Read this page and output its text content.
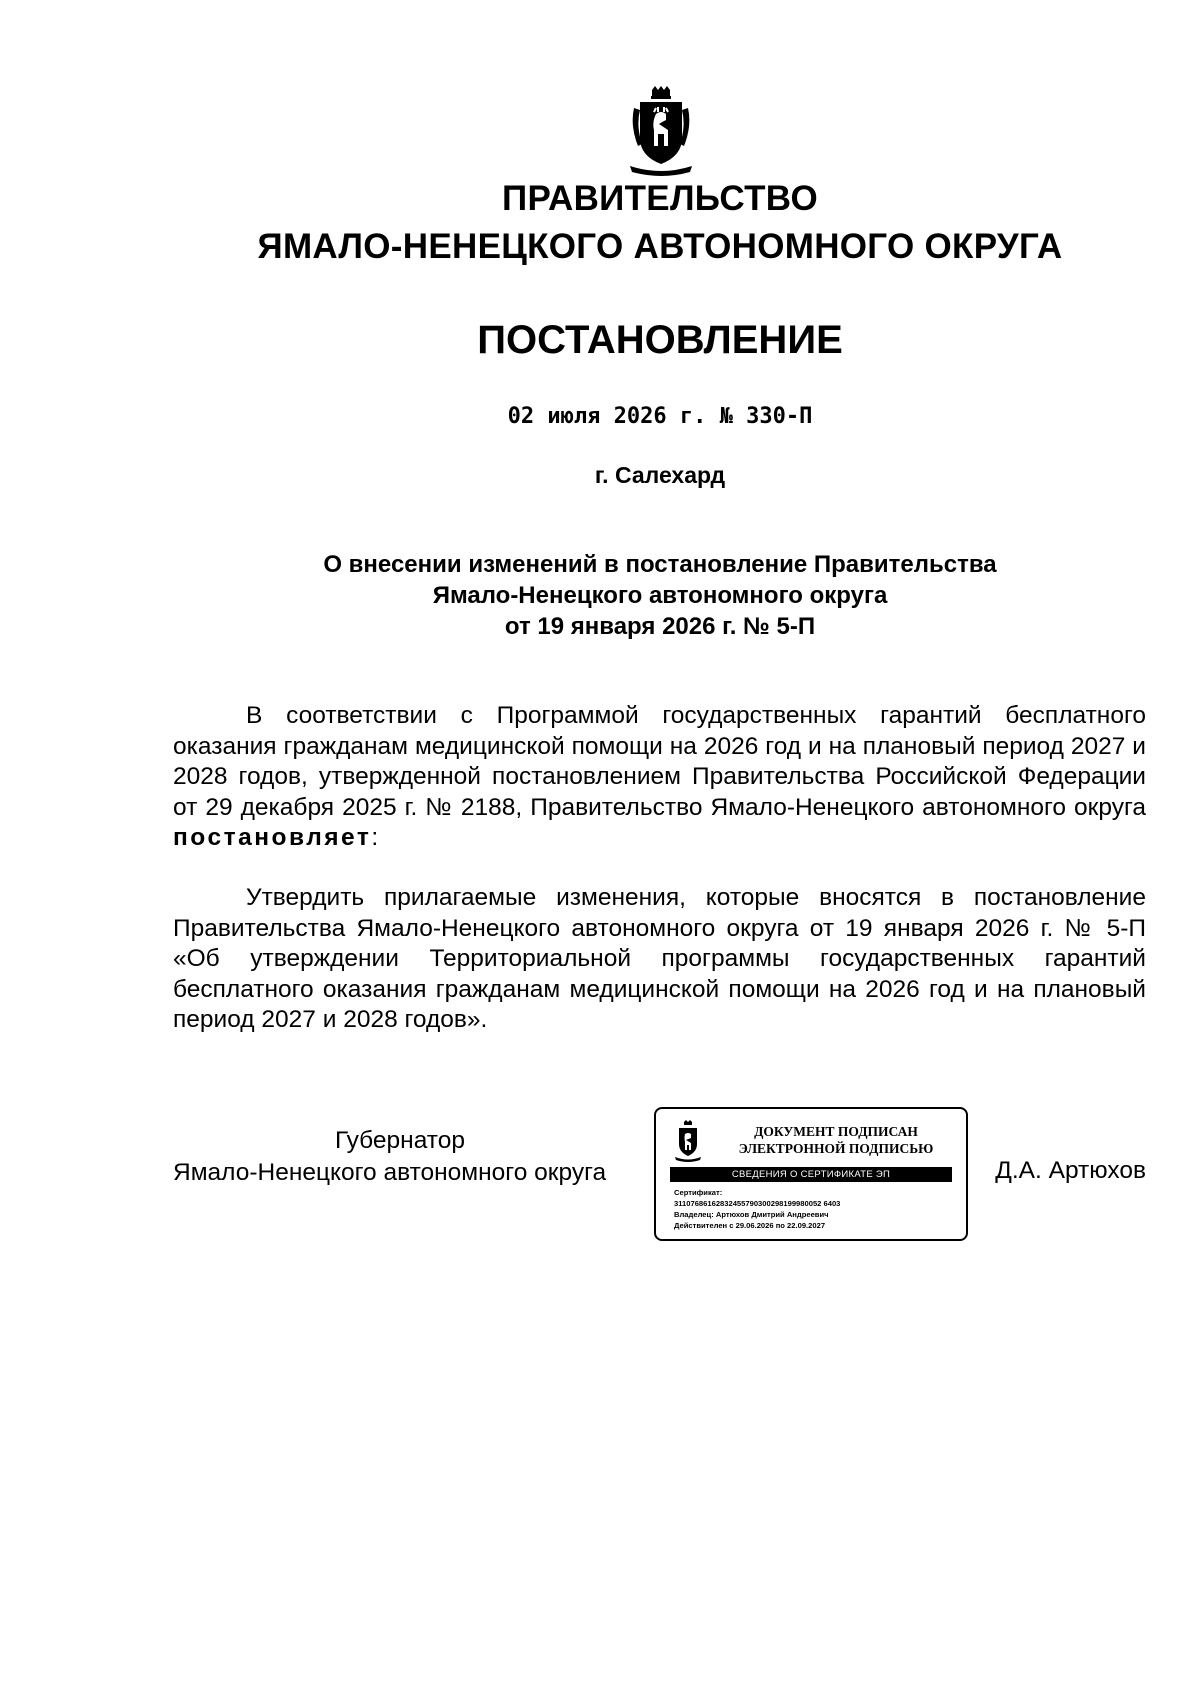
ПРАВИТЕЛЬСТВО
ЯМАЛО-НЕНЕЦКОГО АВТОНОМНОГО ОКРУГА
ПОСТАНОВЛЕНИЕ
02 июля 2026 г. № 330-П
г. Салехард
О внесении изменений в постановление Правительства
Ямало-Ненецкого автономного округа
от 19 января 2026 г. № 5-П

В соответствии с Программой государственных гарантий бесплатного оказания гражданам медицинской помощи на 2026 год и на плановый период 2027 и 2028 годов, утвержденной постановлением Правительства Российской Федерации от 29 декабря 2025 г. № 2188, Правительство Ямало-Ненецкого автономного округа постановляет:

Утвердить прилагаемые изменения, которые вносятся в постановление Правительства Ямало-Ненецкого автономного округа от 19 января 2026 г. № 5-П «Об утверждении Территориальной программы государственных гарантий бесплатного оказания гражданам медицинской помощи на 2026 год и на плановый период 2027 и 2028 годов».

Губернатор
Ямало-Ненецкого автономного округа
ДОКУМЕНТ ПОДПИСАН
ЭЛЕКТРОННОЙ ПОДПИСЬЮ
СВЕДЕНИЯ О СЕРТИФИКАТЕ ЭП
Сертификат:
31107686162832455790300298199980052 6403
Владелец: Артюхов Дмитрий Андреевич
Действителен с 29.06.2026 по 22.09.2027
Д.А. Артюхов
